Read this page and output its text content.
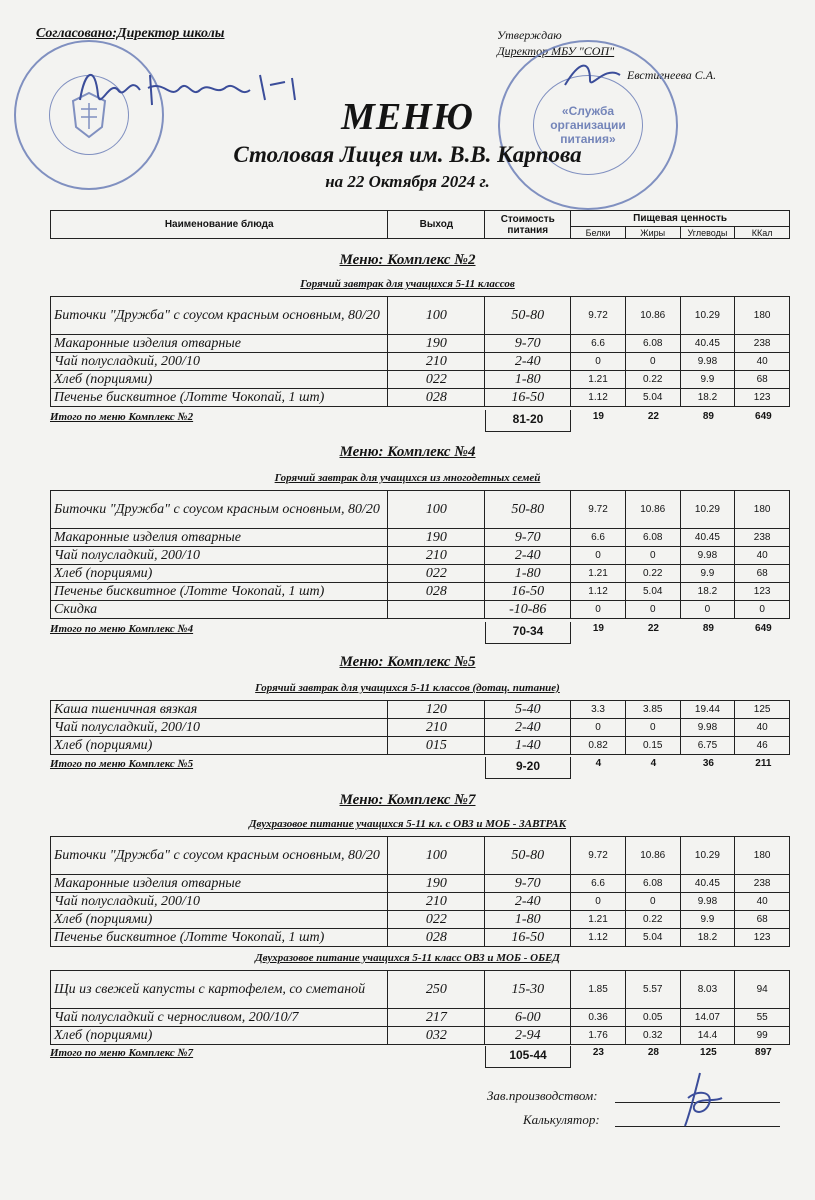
Согласовано:Директор школы	Утверждаю
Директор МБУ "СОП"
Евстигнеева С.А.
«Служба организации питания»
МЕНЮ
Столовая Лицея им. В.В. Карпова
на 22 Октября 2024 г.
Наименование блюда	Выход	Стоимость питания	Пищевая ценность			
			Белки	Жиры	Углеводы	ККал
Меню: Комплекс №2
Горячий завтрак для учащихся 5-11 классов
Биточки "Дружба" с соусом красным основным, 80/20	100	50-80	9.72	10.86	10.29	180
Макаронные изделия отварные	190	9-70	6.6	6.08	40.45	238
Чай полусладкий, 200/10	210	2-40	0	0	9.98	40
Хлеб (порциями)	022	1-80	1.21	0.22	9.9	68
Печенье бисквитное (Лотте Чокопай, 1 шт)	028	16-50	1.12	5.04	18.2	123
Итого по меню Комплекс №2	81-20	19	22	89	649
Меню: Комплекс №4
Горячий завтрак для учащихся из многодетных семей
Биточки "Дружба" с соусом красным основным, 80/20	100	50-80	9.72	10.86	10.29	180
Макаронные изделия отварные	190	9-70	6.6	6.08	40.45	238
Чай полусладкий, 200/10	210	2-40	0	0	9.98	40
Хлеб (порциями)	022	1-80	1.21	0.22	9.9	68
Печенье бисквитное (Лотте Чокопай, 1 шт)	028	16-50	1.12	5.04	18.2	123
Скидка		-10-86	0	0	0	0
Итого по меню Комплекс №4	70-34	19	22	89	649
Меню: Комплекс №5
Горячий завтрак для учащихся 5-11 классов (дотац. питание)
Каша пшеничная вязкая	120	5-40	3.3	3.85	19.44	125
Чай полусладкий, 200/10	210	2-40	0	0	9.98	40
Хлеб (порциями)	015	1-40	0.82	0.15	6.75	46
Итого по меню Комплекс №5	9-20	4	4	36	211
Меню: Комплекс №7
Двухразовое питание учащихся 5-11 кл. с ОВЗ и МОБ - ЗАВТРАК
Биточки "Дружба" с соусом красным основным, 80/20	100	50-80	9.72	10.86	10.29	180
Макаронные изделия отварные	190	9-70	6.6	6.08	40.45	238
Чай полусладкий, 200/10	210	2-40	0	0	9.98	40
Хлеб (порциями)	022	1-80	1.21	0.22	9.9	68
Печенье бисквитное (Лотте Чокопай, 1 шт)	028	16-50	1.12	5.04	18.2	123
Двухразовое питание учащихся 5-11 класс ОВЗ и МОБ - ОБЕД
Щи из свежей капусты с картофелем, со сметаной	250	15-30	1.85	5.57	8.03	94
Чай полусладкий с черносливом, 200/10/7	217	6-00	0.36	0.05	14.07	55
Хлеб (порциями)	032	2-94	1.76	0.32	14.4	99
Итого по меню Комплекс №7	105-44	23	28	125	897
Зав.производством:
Калькулятор:
